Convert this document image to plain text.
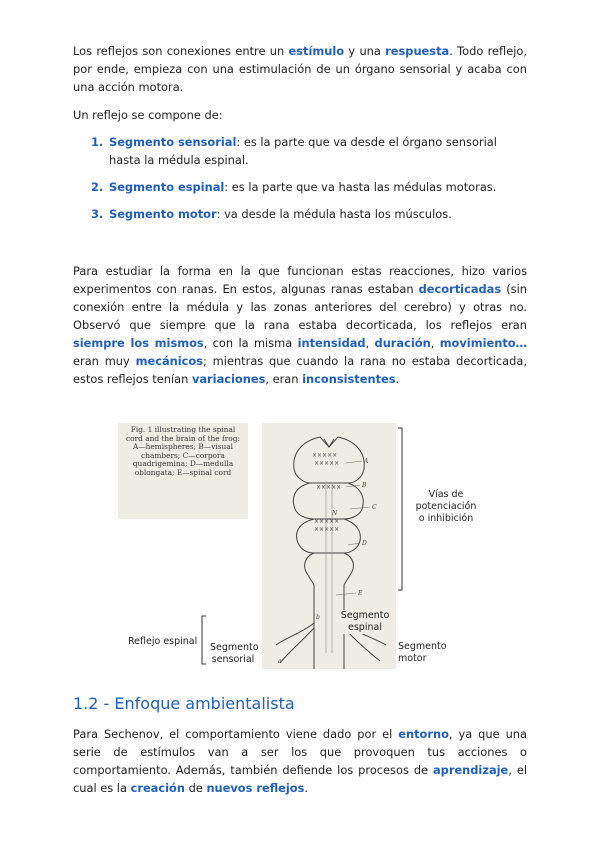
Los reflejos son conexiones entre un estímulo y una respuesta. Todo reflejo, por ende, empieza con una estimulación de un órgano sensorial y acaba con una acción motora.

Un reflejo se compone de:

1. Segmento sensorial: es la parte que va desde el órgano sensorial hasta la médula espinal.
2. Segmento espinal: es la parte que va hasta las médulas motoras.
3. Segmento motor: va desde la médula hasta los músculos.

Para estudiar la forma en la que funcionan estas reacciones, hizo varios experimentos con ranas. En estos, algunas ranas estaban decorticadas (sin conexión entre la médula y las zonas anteriores del cerebro) y otras no. Observó que siempre que la rana estaba decorticada, los reflejos eran siempre los mismos, con la misma intensidad, duración, movimiento… eran muy mecánicos; mientras que cuando la rana no estaba decorticada, estos reflejos tenían variaciones, eran inconsistentes.

1.2 - Enfoque ambientalista

Para Sechenov, el comportamiento viene dado por el entorno, ya que una serie de estímulos van a ser los que provoquen tus acciones o comportamiento. Además, también defiende los procesos de aprendizaje, el cual es la creación de nuevos reflejos.

Fig. 1 illustrating the spinal cord and the brain of the frog: A—hemispheres; B—visual chambers; C—corpora quadrigemina; D—medulla oblongata; E—spinal cord
×××××
×××××
×××××
×××××
×××××
A
B
C
D
E
N
a
b
Vías de potenciación o inhibición
Reflejo espinal
Segmento sensorial
Segmento espinal
Segmento motor
